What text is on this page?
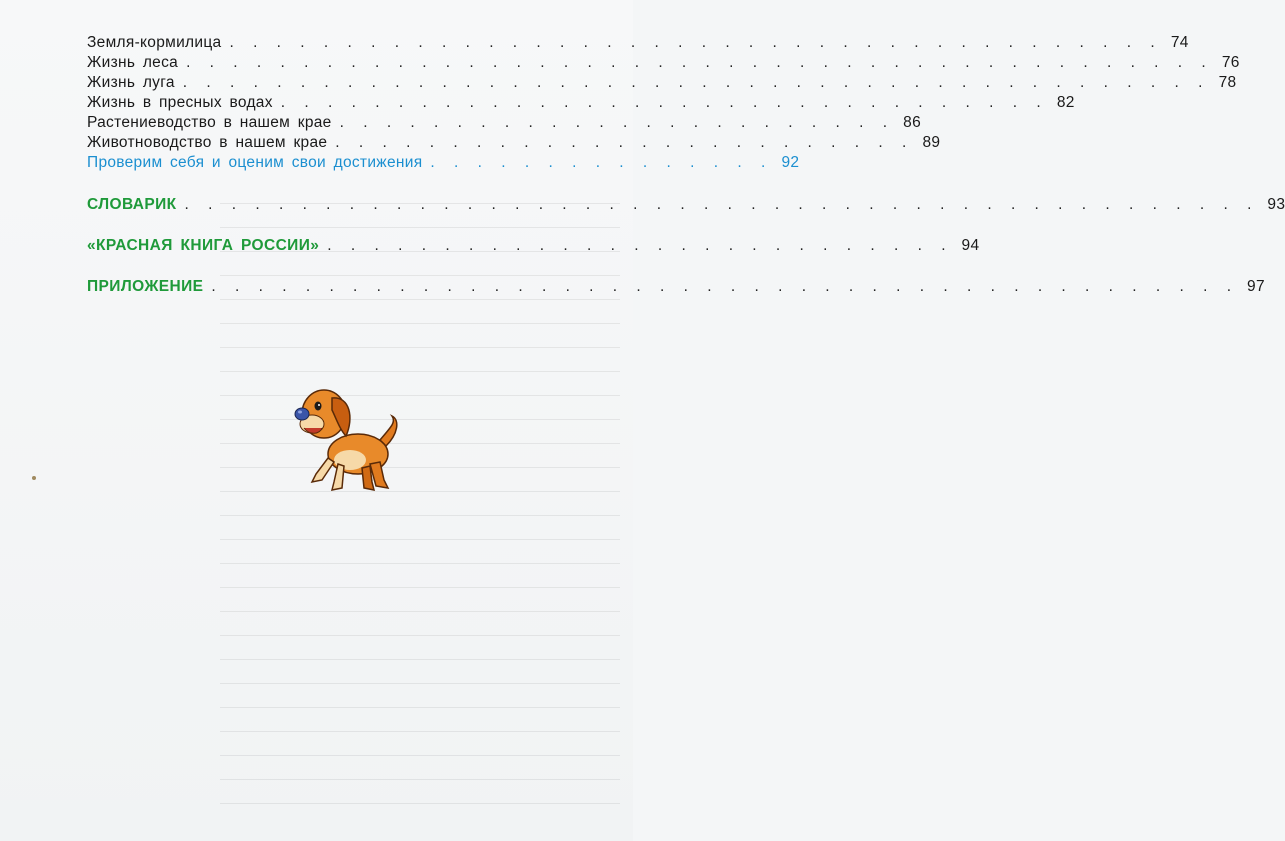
Земля-кормилица . . . . . . . . . . . . . . . . . . . . . . . . . . . . . . . . . . . . . . . . 74
Жизнь леса . . . . . . . . . . . . . . . . . . . . . . . . . . . . . . . . . . . . . . . . . . . . 76
Жизнь луга . . . . . . . . . . . . . . . . . . . . . . . . . . . . . . . . . . . . . . . . . . . . 78
Жизнь в пресных водах . . . . . . . . . . . . . . . . . . . . . . . . . . . . . . . . . 82
Растениеводство в нашем крае . . . . . . . . . . . . . . . . . . . . . . . . 86
Животноводство в нашем крае . . . . . . . . . . . . . . . . . . . . . . . . . 89
Проверим себя и оценим свои достижения . . . . . . . . . . . . . . . 92
СЛОВАРИК . . . . . . . . . . . . . . . . . . . . . . . . . . . . . . . . . . . . . . . . . . . . . . 93
«КРАСНАЯ КНИГА РОССИИ» . . . . . . . . . . . . . . . . . . . . . . . . . . . 94
ПРИЛОЖЕНИЕ . . . . . . . . . . . . . . . . . . . . . . . . . . . . . . . . . . . . . . . . . . . . 97
